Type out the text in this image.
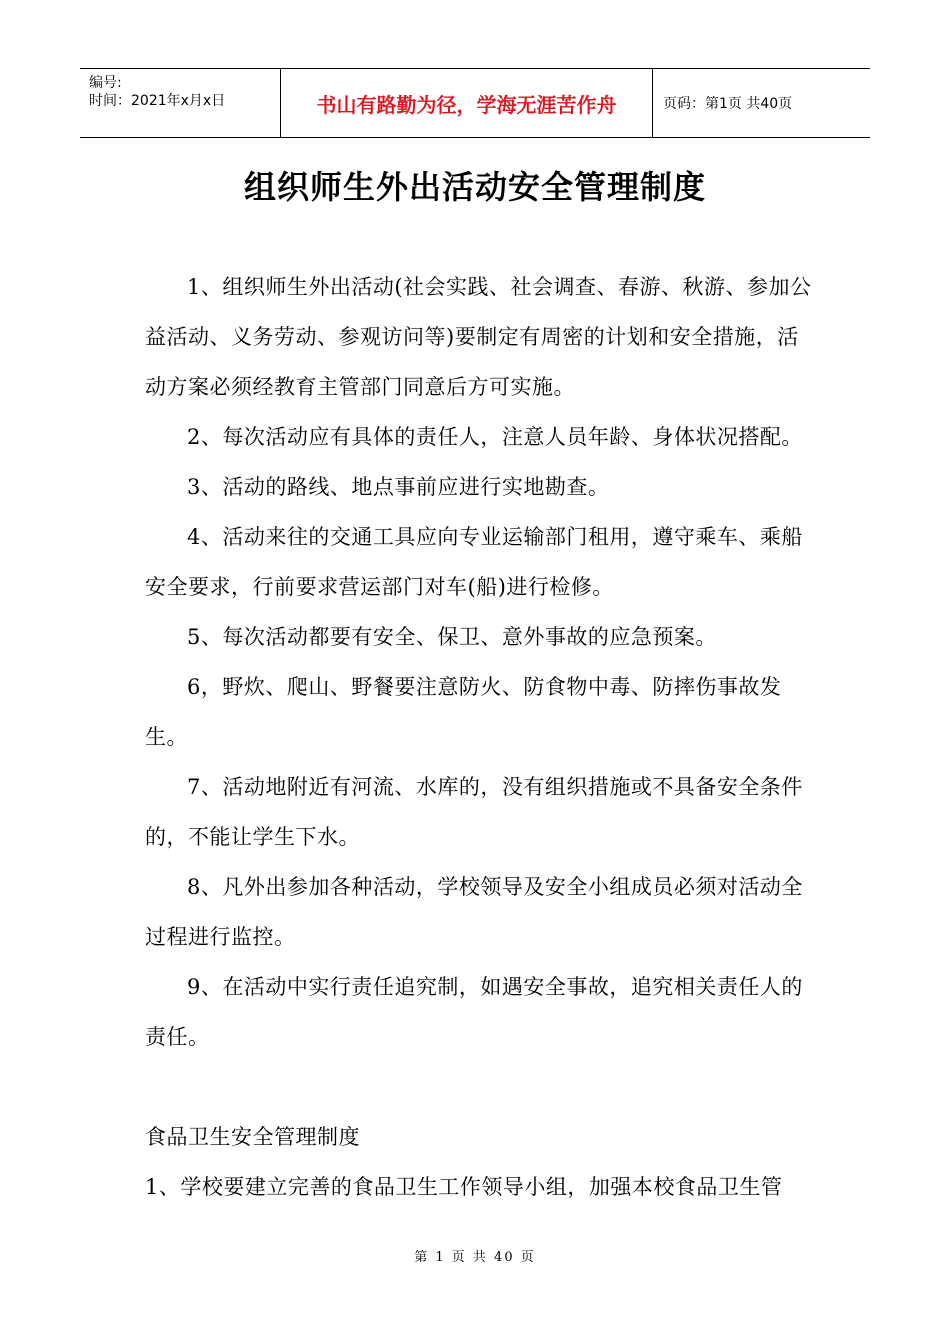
编号:
时间：2021年x月x日	书山有路勤为径，学海无涯苦作舟	页码：第1页 共40页
组织师生外出活动安全管理制度

1、组织师生外出活动(社会实践、社会调查、春游、秋游、参加公益活动、义务劳动、参观访问等)要制定有周密的计划和安全措施，活动方案必须经教育主管部门同意后方可实施。

2、每次活动应有具体的责任人，注意人员年龄、身体状况搭配。

3、活动的路线、地点事前应进行实地勘查。

4、活动来往的交通工具应向专业运输部门租用，遵守乘车、乘船安全要求，行前要求营运部门对车(船)进行检修。

5、每次活动都要有安全、保卫、意外事故的应急预案。

6，野炊、爬山、野餐要注意防火、防食物中毒、防摔伤事故发生。

7、活动地附近有河流、水库的，没有组织措施或不具备安全条件的，不能让学生下水。

8、凡外出参加各种活动，学校领导及安全小组成员必须对活动全过程进行监控。

9、在活动中实行责任追究制，如遇安全事故，追究相关责任人的责任。

食品卫生安全管理制度

1、学校要建立完善的食品卫生工作领导小组，加强本校食品卫生管

第 1 页 共 40 页
